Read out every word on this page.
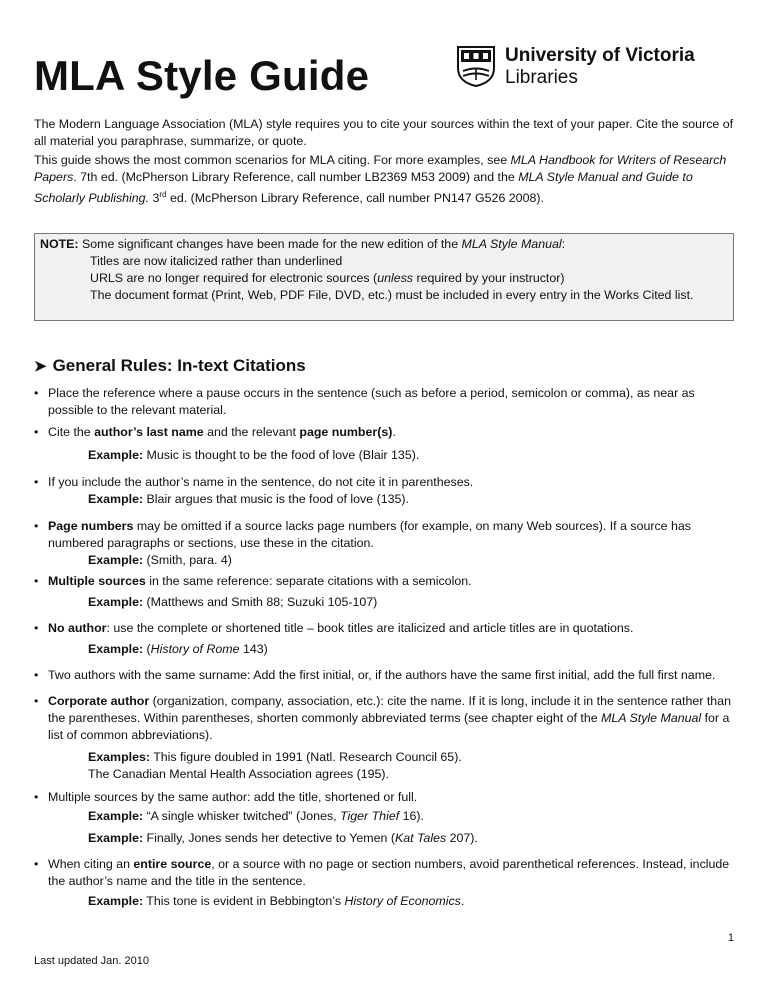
MLA Style Guide	University of Victoria
Libraries

The Modern Language Association (MLA) style requires you to cite your sources within the text of your paper. Cite the source of all material you paraphrase, summarize, or quote.

This guide shows the most common scenarios for MLA citing. For more examples, see MLA Handbook for Writers of Research Papers. 7th ed. (McPherson Library Reference, call number LB2369 M53 2009) and the MLA Style Manual and Guide to Scholarly Publishing. 3rd ed. (McPherson Library Reference, call number PN147 G526 2008).

NOTE: Some significant changes have been made for the new edition of the MLA Style Manual:
Titles are now italicized rather than underlined
URLS are no longer required for electronic sources (unless required by your instructor)
The document format (Print, Web, PDF File, DVD, etc.) must be included in every entry in the Works Cited list.
➤ General Rules: In-text Citations
• Place the reference where a pause occurs in the sentence (such as before a period, semicolon or comma), as near as possible to the relevant material.
• Cite the author’s last name and the relevant page number(s).
Example: Music is thought to be the food of love (Blair 135).
• If you include the author’s name in the sentence, do not cite it in parentheses.
Example: Blair argues that music is the food of love (135).
• Page numbers may be omitted if a source lacks page numbers (for example, on many Web sources). If a source has numbered paragraphs or sections, use these in the citation.
Example: (Smith, para. 4)
• Multiple sources in the same reference: separate citations with a semicolon.
Example: (Matthews and Smith 88; Suzuki 105-107)
• No author: use the complete or shortened title – book titles are italicized and article titles are in quotations.
Example: (History of Rome 143)
• Two authors with the same surname: Add the first initial, or, if the authors have the same first initial, add the full first name.
• Corporate author (organization, company, association, etc.): cite the name. If it is long, include it in the sentence rather than the parentheses. Within parentheses, shorten commonly abbreviated terms (see chapter eight of the MLA Style Manual for a list of common abbreviations).
Examples: This figure doubled in 1991 (Natl. Research Council 65).
The Canadian Mental Health Association agrees (195).
• Multiple sources by the same author: add the title, shortened or full.
Example: “A single whisker twitched” (Jones, Tiger Thief 16).
Example: Finally, Jones sends her detective to Yemen (Kat Tales 207).
• When citing an entire source, or a source with no page or section numbers, avoid parenthetical references. Instead, include the author’s name and the title in the sentence.
Example: This tone is evident in Bebbington’s History of Economics.
1
Last updated Jan. 2010
